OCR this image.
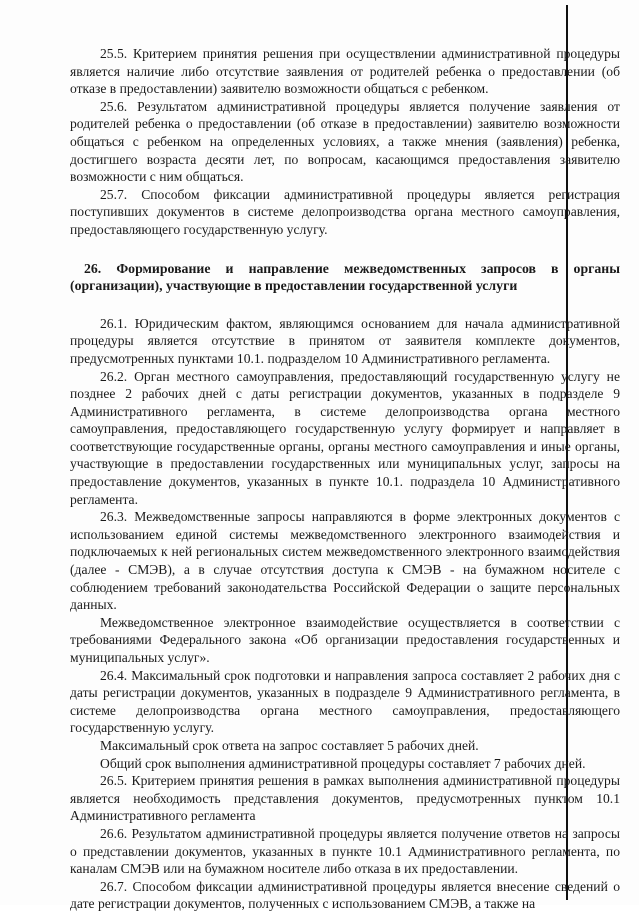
25.5. Критерием принятия решения при осуществлении административной процедуры является наличие либо отсутствие заявления от родителей ребенка о предоставлении (об отказе в предоставлении) заявителю возможности общаться с ребенком.

25.6. Результатом административной процедуры является получение заявления от родителей ребенка о предоставлении (об отказе в предоставлении) заявителю возможности общаться с ребенком на определенных условиях, а также мнения (заявления) ребенка, достигшего возраста десяти лет, по вопросам, касающимся предоставления заявителю возможности с ним общаться.

25.7. Способом фиксации административной процедуры является регистрация поступивших документов в системе делопроизводства органа местного самоуправления, предоставляющего государственную услугу.

26. Формирование и направление межведомственных запросов в органы (организации), участвующие в предоставлении государственной услуги

26.1. Юридическим фактом, являющимся основанием для начала административной процедуры является отсутствие в принятом от заявителя комплекте документов, предусмотренных пунктами 10.1. подразделом 10 Административного регламента.

26.2. Орган местного самоуправления, предоставляющий государственную услугу не позднее 2 рабочих дней с даты регистрации документов, указанных в подразделе 9 Административного регламента, в системе делопроизводства органа местного самоуправления, предоставляющего государственную услугу формирует и направляет в соответствующие государственные органы, органы местного самоуправления и иные органы, участвующие в предоставлении государственных или муниципальных услуг, запросы на предоставление документов, указанных в пункте 10.1. подраздела 10 Административного регламента.

26.3. Межведомственные запросы направляются в форме электронных документов с использованием единой системы межведомственного электронного взаимодействия и подключаемых к ней региональных систем межведомственного электронного взаимодействия (далее - СМЭВ), а в случае отсутствия доступа к СМЭВ - на бумажном носителе с соблюдением требований законодательства Российской Федерации о защите персональных данных.

Межведомственное электронное взаимодействие осуществляется в соответствии с требованиями Федерального закона «Об организации предоставления государственных и муниципальных услуг».

26.4. Максимальный срок подготовки и направления запроса составляет 2 рабочих дня с даты регистрации документов, указанных в подразделе 9 Административного регламента, в системе делопроизводства органа местного самоуправления, предоставляющего государственную услугу.

Максимальный срок ответа на запрос составляет 5 рабочих дней.

Общий срок выполнения административной процедуры составляет 7 рабочих дней.

26.5. Критерием принятия решения в рамках выполнения административной процедуры является необходимость представления документов, предусмотренных пунктом 10.1 Административного регламента

26.6. Результатом административной процедуры является получение ответов на запросы о представлении документов, указанных в пункте 10.1 Административного регламента, по каналам СМЭВ или на бумажном носителе либо отказа в их предоставлении.

26.7. Способом фиксации административной процедуры является внесение сведений о дате регистрации документов, полученных с использованием СМЭВ, а также на
